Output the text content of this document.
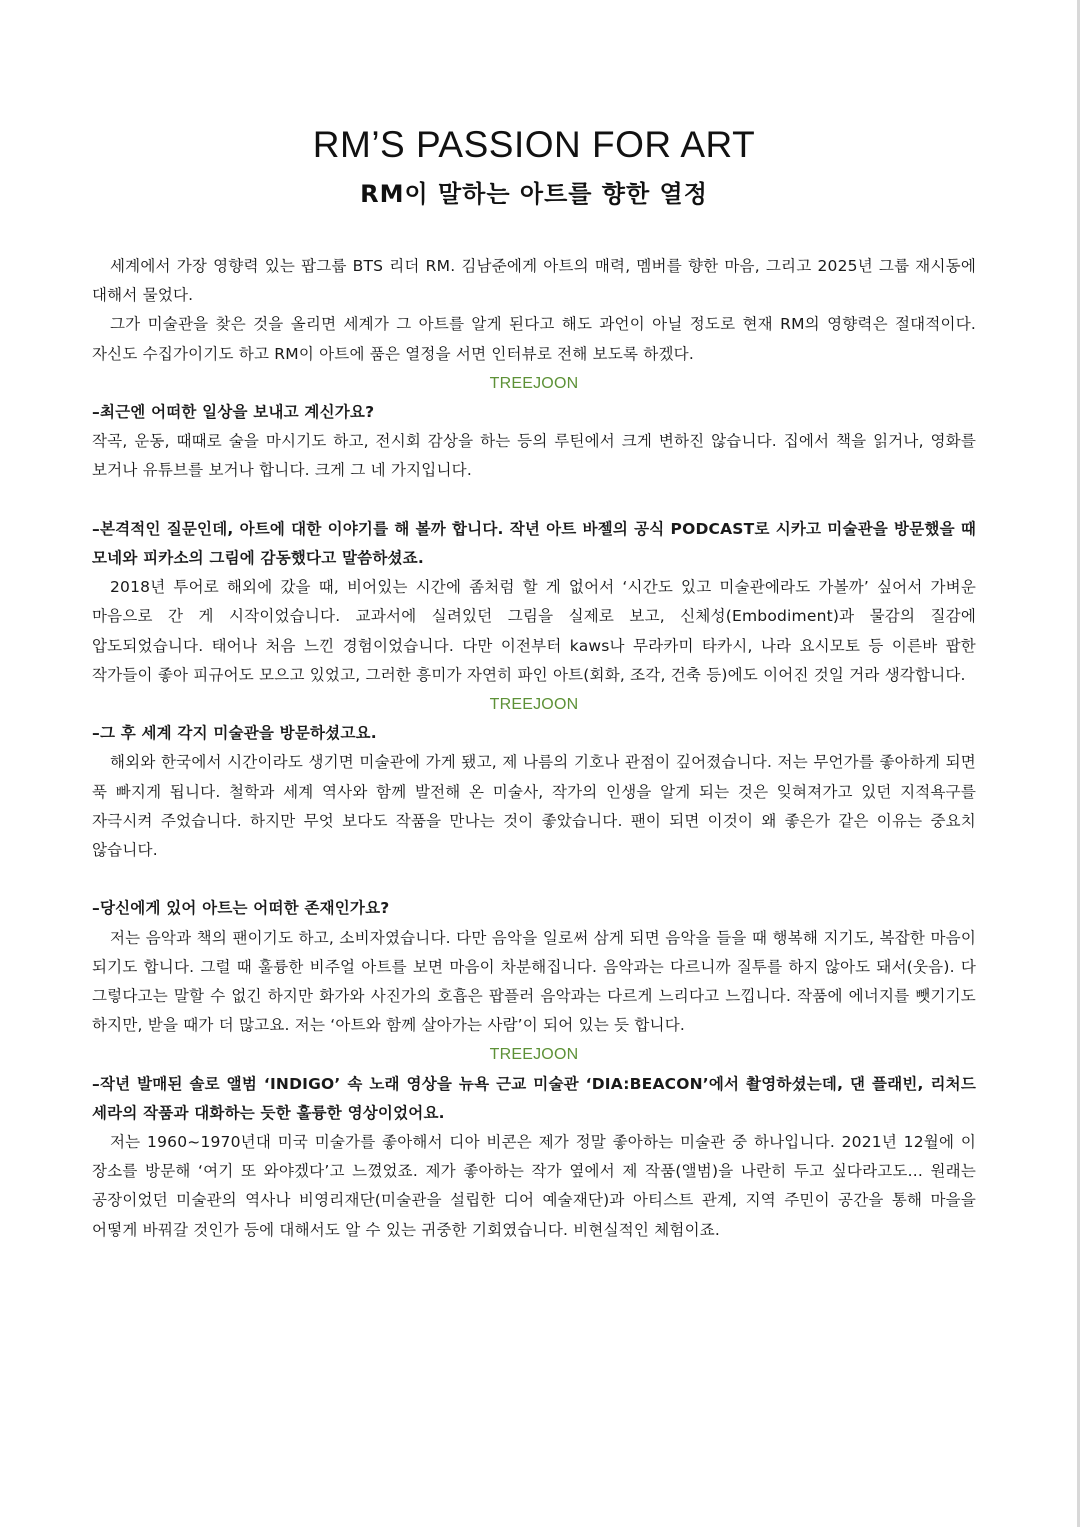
RM’S PASSION FOR ART
RM이 말하는 아트를 향한 열정

세계에서 가장 영향력 있는 팝그룹 BTS 리더 RM. 김남준에게 아트의 매력, 멤버를 향한 마음, 그리고 2025년 그룹 재시동에 대해서 물었다.

그가 미술관을 찾은 것을 올리면 세계가 그 아트를 알게 된다고 해도 과언이 아닐 정도로 현재 RM의 영향력은 절대적이다. 자신도 수집가이기도 하고 RM이 아트에 품은 열정을 서면 인터뷰로 전해 보도록 하겠다.

TREEJOON

–최근엔 어떠한 일상을 보내고 계신가요?

작곡, 운동, 때때로 술을 마시기도 하고, 전시회 감상을 하는 등의 루틴에서 크게 변하진 않습니다. 집에서 책을 읽거나, 영화를 보거나 유튜브를 보거나 합니다. 크게 그 네 가지입니다.

–본격적인 질문인데, 아트에 대한 이야기를 해 볼까 합니다. 작년 아트 바젤의 공식 PODCAST로 시카고 미술관을 방문했을 때 모네와 피카소의 그림에 감동했다고 말씀하셨죠.

2018년 투어로 해외에 갔을 때, 비어있는 시간에 좀처럼 할 게 없어서 ‘시간도 있고 미술관에라도 가볼까’ 싶어서 가벼운 마음으로 간 게 시작이었습니다. 교과서에 실려있던 그림을 실제로 보고, 신체성(Embodiment)과 물감의 질감에 압도되었습니다. 태어나 처음 느낀 경험이었습니다. 다만 이전부터 kaws나 무라카미 타카시, 나라 요시모토 등 이른바 팝한 작가들이 좋아 피규어도 모으고 있었고, 그러한 흥미가 자연히 파인 아트(회화, 조각, 건축 등)에도 이어진 것일 거라 생각합니다.

TREEJOON

–그 후 세계 각지 미술관을 방문하셨고요.

해외와 한국에서 시간이라도 생기면 미술관에 가게 됐고, 제 나름의 기호나 관점이 깊어졌습니다. 저는 무언가를 좋아하게 되면 푹 빠지게 됩니다. 철학과 세계 역사와 함께 발전해 온 미술사, 작가의 인생을 알게 되는 것은 잊혀져가고 있던 지적욕구를 자극시켜 주었습니다. 하지만 무엇 보다도 작품을 만나는 것이 좋았습니다. 팬이 되면 이것이 왜 좋은가 같은 이유는 중요치 않습니다.

–당신에게 있어 아트는 어떠한 존재인가요?

저는 음악과 책의 팬이기도 하고, 소비자였습니다. 다만 음악을 일로써 삼게 되면 음악을 들을 때 행복해 지기도, 복잡한 마음이 되기도 합니다. 그럴 때 훌륭한 비주얼 아트를 보면 마음이 차분해집니다. 음악과는 다르니까 질투를 하지 않아도 돼서(웃음). 다 그렇다고는 말할 수 없긴 하지만 화가와 사진가의 호흡은 팝플러 음악과는 다르게 느리다고 느낍니다. 작품에 에너지를 뺏기기도 하지만, 받을 때가 더 많고요. 저는 ‘아트와 함께 살아가는 사람’이 되어 있는 듯 합니다.

TREEJOON

–작년 발매된 솔로 앨범 ‘INDIGO’ 속 노래 영상을 뉴욕 근교 미술관 ‘DIA:BEACON’에서 촬영하셨는데, 댄 플래빈, 리처드 세라의 작품과 대화하는 듯한 훌륭한 영상이었어요.

저는 1960~1970년대 미국 미술가를 좋아해서 디아 비콘은 제가 정말 좋아하는 미술관 중 하나입니다. 2021년 12월에 이 장소를 방문해 ‘여기 또 와야겠다’고 느꼈었죠. 제가 좋아하는 작가 옆에서 제 작품(앨범)을 나란히 두고 싶다라고도... 원래는 공장이었던 미술관의 역사나 비영리재단(미술관을 설립한 디어 예술재단)과 아티스트 관계, 지역 주민이 공간을 통해 마을을 어떻게 바꿔갈 것인가 등에 대해서도 알 수 있는 귀중한 기회였습니다. 비현실적인 체험이죠.
